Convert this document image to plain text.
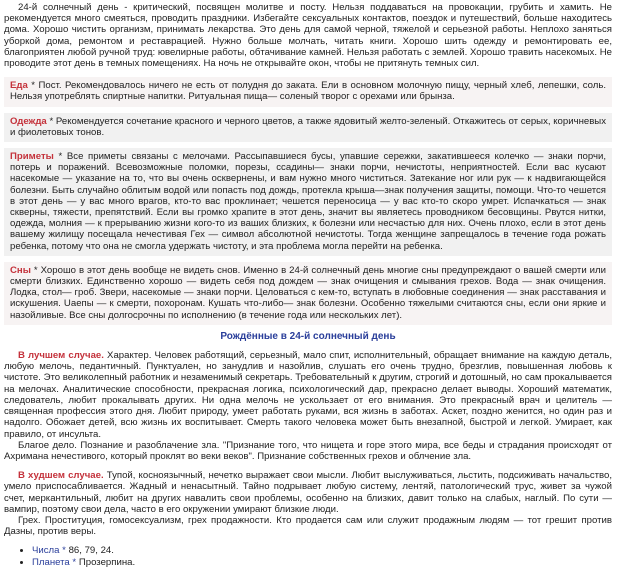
24-й солнечный день - критический, посвящен молитве и посту. Нельзя поддаваться на провокации, грубить и хамить. Не рекомендуется много смеяться, проводить праздники. Избегайте сексуальных контактов, поездок и путешествий, больше находитесь дома. Хорошо чистить организм, принимать лекарства. Это день для самой черной, тяжелой и серьезной работы. Неплохо заняться уборкой дома, ремонтом и реставрацией. Нужно больше молчать, читать книги. Хорошо шить одежду и ремонтировать ее, благоприятен любой ручной труд: ювелирные работы, обтачивание камней. Нельзя работать с землей. Хорошо травить насекомых. Не проводите этот день в темных помещениях. На ночь не открывайте окон, чтобы не притянуть темных сил.

Еда * Пост. Рекомендовалось ничего не есть от полудня до заката. Ели в основном молочную пищу, черный хлеб, лепешки, соль. Нельзя употреблять спиртные напитки. Ритуальная пища— соленый творог с орехами или брынза.

Одежда * Рекомендуется сочетание красного и черного цветов, а также ядовитый желто-зеленый. Откажитесь от серых, коричневых и фиолетовых тонов.

Приметы * Все приметы связаны с мелочами. Рассыпавшиеся бусы, упавшие сережки, закатившееся колечко — знаки порчи, потерь и поражений. Всевозможные поломки, порезы, ссадины— знаки порчи, нечистоты, неприятностей. Если вас кусают насекомые — указание на то, что вы очень осквернены, и вам нужно много чиститься. Затекание ног или рук — к надвигающейся болезни. Быть случайно облитым водой или попасть под дождь, протекла крыша—знак получения защиты, помощи. Что-то чешется в этот день — у вас много врагов, кто-то вас проклинает; чешется переносица — у вас кто-то скоро умрет. Испачкаться — знак скверны, тяжести, препятствий. Если вы громко храпите в этот день, значит вы являетесь проводником бесовщины. Рвутся нитки, одежда, молния — к прерыванию жизни кого-то из ваших близких, к болезни или несчастью для них. Очень плохо, если в этот день вашему жилищу посещала нечестивая Гех — символ абсолютной нечистоты. Тогда женщине запрещалось в течение года рожать ребенка, потому что она не смогла удержать чистоту, и эта проблема могла перейти на ребенка.

Сны * Хорошо в этот день вообще не видеть снов. Именно в 24-й солнечный день многие сны предупреждают о вашей смерти или смерти близких. Единственно хорошо — видеть себя под дождем — знак очищения и смывания грехов. Вода — знак очищения. Лодка, стол— гроб. Звери, насекомые — знаки порчи. Целоваться с кем-то, вступать в любовные соединения — знак расставания и искушения. Uaeпы — к смерти, похоронам. Кушать что-либо— знак болезни. Особенно тяжелыми считаются сны, если они яркие и назойливые. Все сны долгосрочны по исполнению (в течение года или нескольких лет).

Рождённые в 24-й солнечный день

В лучшем случае. Характер. Человек работящий, серьезный, мало спит, исполнительный, обращает внимание на каждую деталь, любую мелочь, педантичный. Пунктуален, но занудлив и назойлив, слушать его очень трудно, брезглив, повышенная любовь к чистоте. Это великолепный работник и незаменимый секретарь. Требовательный к другим, строгий и дотошный, но сам прокалывается на мелочах. Аналитические способности, прекрасная логика, психологический дар, прекрасно делает выводы. Хороший математик, следователь, любит прокалывать других. Ни одна мелочь не ускользает от его внимания. Это прекрасный врач и целитель — священная профессия этого дня. Любит природу, умеет работать руками, вся жизнь в заботах. Аскет, поздно женится, но один раз и надолго. Обожает детей, всю жизнь их воспитывает. Смерть такого человека может быть внезапной, быстрой и легкой. Умирает, как правило, от инсульта.

Благое дело. Познание и разоблачение зла. "Признание того, что нищета и горе этого мира, все беды и страдания происходят от Ахримана нечестивого, который проклят во веки веков". Признание собственных грехов и облчение зла.

В худшем случае. Тупой, косноязычный, нечетко выражает свои мысли. Любит выслуживаться, льстить, подсиживать начальство, умело приспосабливается. Жадный и ненасытный. Тайно подрывает любую систему, лентяй, патологический трус, живет за чужой счет, меркантильный, любит на других навалить свои проблемы, особенно на близких, давит только на слабых, наглый. По сути — вампир, поэтому свои дела, часто в его окружении умирают близкие люди.

Грех. Проституция, гомосексуализм, грех продажности. Кто продается сам или служит продажным людям — тот грешит против Дазны, против веры.

• Числа * 86, 79, 24.
• Планета * Прозерпина.
